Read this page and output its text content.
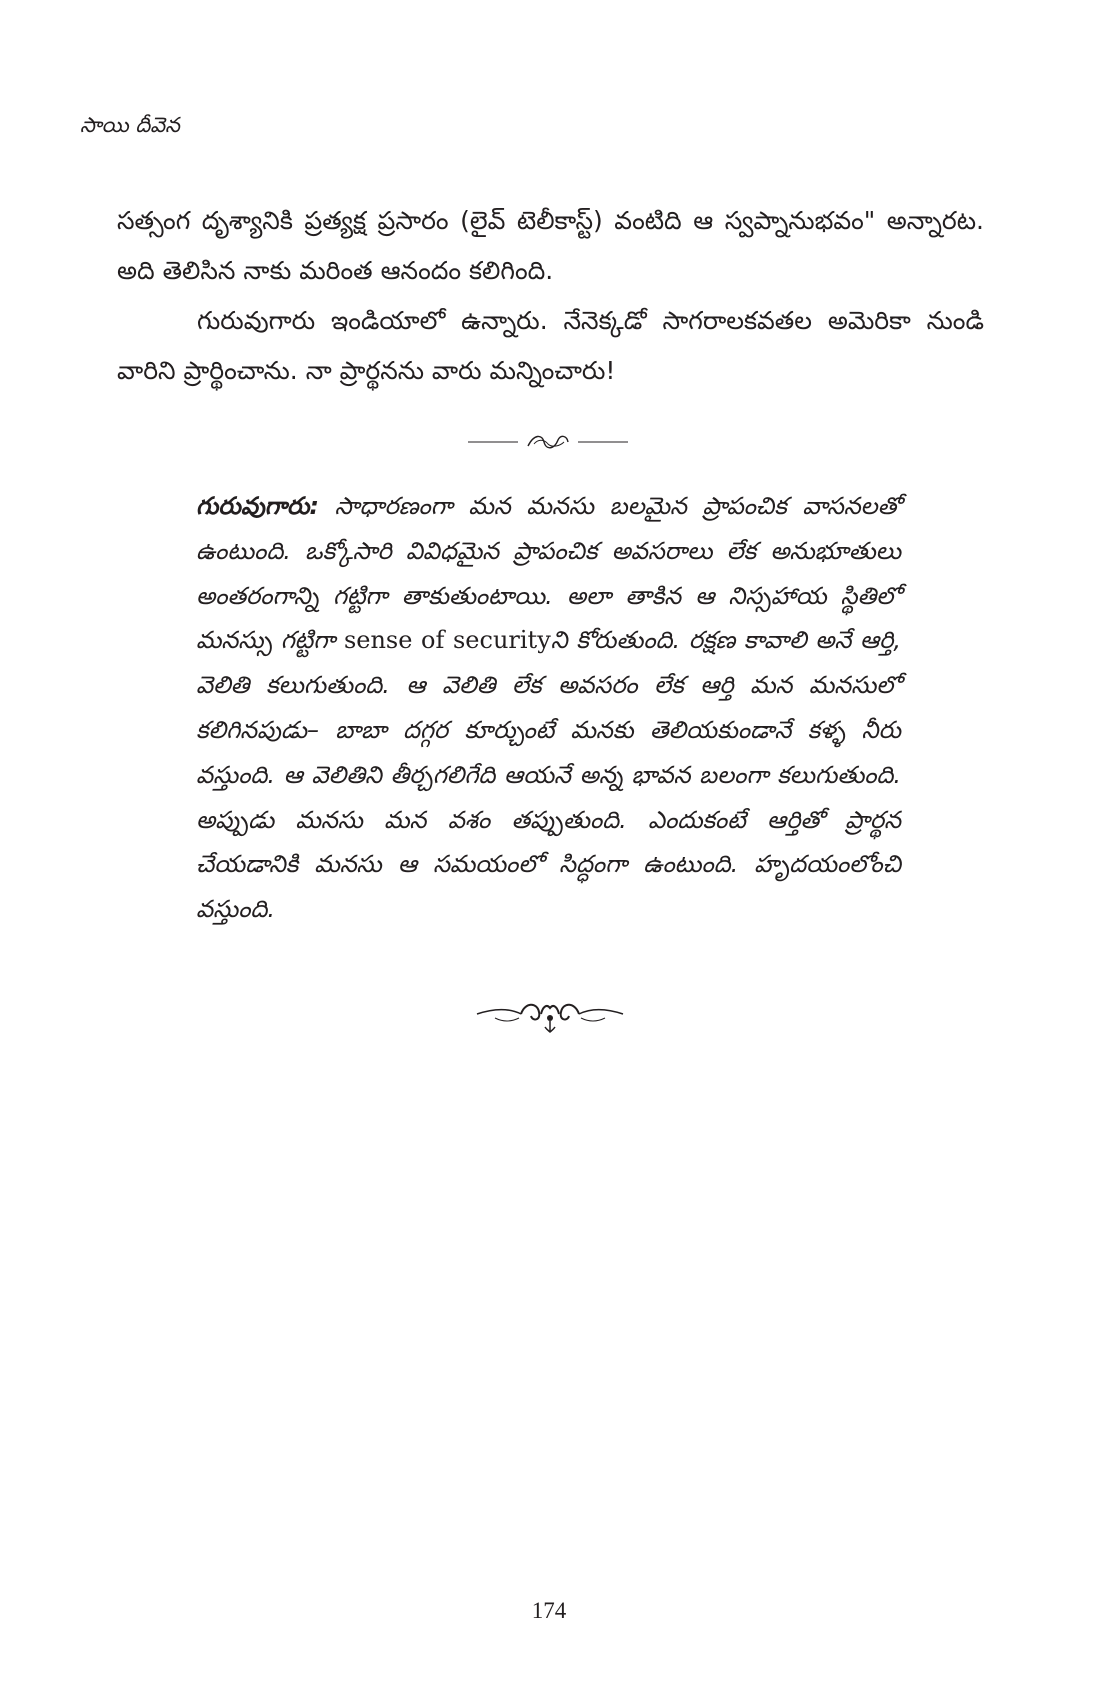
సాయి దీవెన

సత్సంగ దృశ్యానికి ప్రత్యక్ష ప్రసారం (లైవ్ టెలీకాస్ట్) వంటిది ఆ స్వప్నానుభవం" అన్నారట. అది తెలిసిన నాకు మరింత ఆనందం కలిగింది.

గురువుగారు ఇండియాలో ఉన్నారు. నేనెక్కడో సాగరాలకవతల అమెరికా నుండి వారిని ప్రార్థించాను. నా ప్రార్థనను వారు మన్నించారు!

గురువుగారు: సాధారణంగా మన మనసు బలమైన ప్రాపంచిక వాసనలతో ఉంటుంది. ఒక్కోసారి వివిధమైన ప్రాపంచిక అవసరాలు లేక అనుభూతులు అంతరంగాన్ని గట్టిగా తాకుతుంటాయి. అలా తాకిన ఆ నిస్సహాయ స్థితిలో మనస్సు గట్టిగా sense of securityని కోరుతుంది. రక్షణ కావాలి అనే ఆర్తి, వెలితి కలుగుతుంది. ఆ వెలితి లేక అవసరం లేక ఆర్తి మన మనసులో కలిగినపుడు– బాబా దగ్గర కూర్చుంటే మనకు తెలియకుండానే కళ్ళ నీరు వస్తుంది. ఆ వెలితిని తీర్చగలిగేది ఆయనే అన్న భావన బలంగా కలుగుతుంది. అప్పుడు మనసు మన వశం తప్పుతుంది. ఎందుకంటే ఆర్తితో ప్రార్థన చేయడానికి మనసు ఆ సమయంలో సిద్ధంగా ఉంటుంది. హృదయంలోంచి వస్తుంది.
174
